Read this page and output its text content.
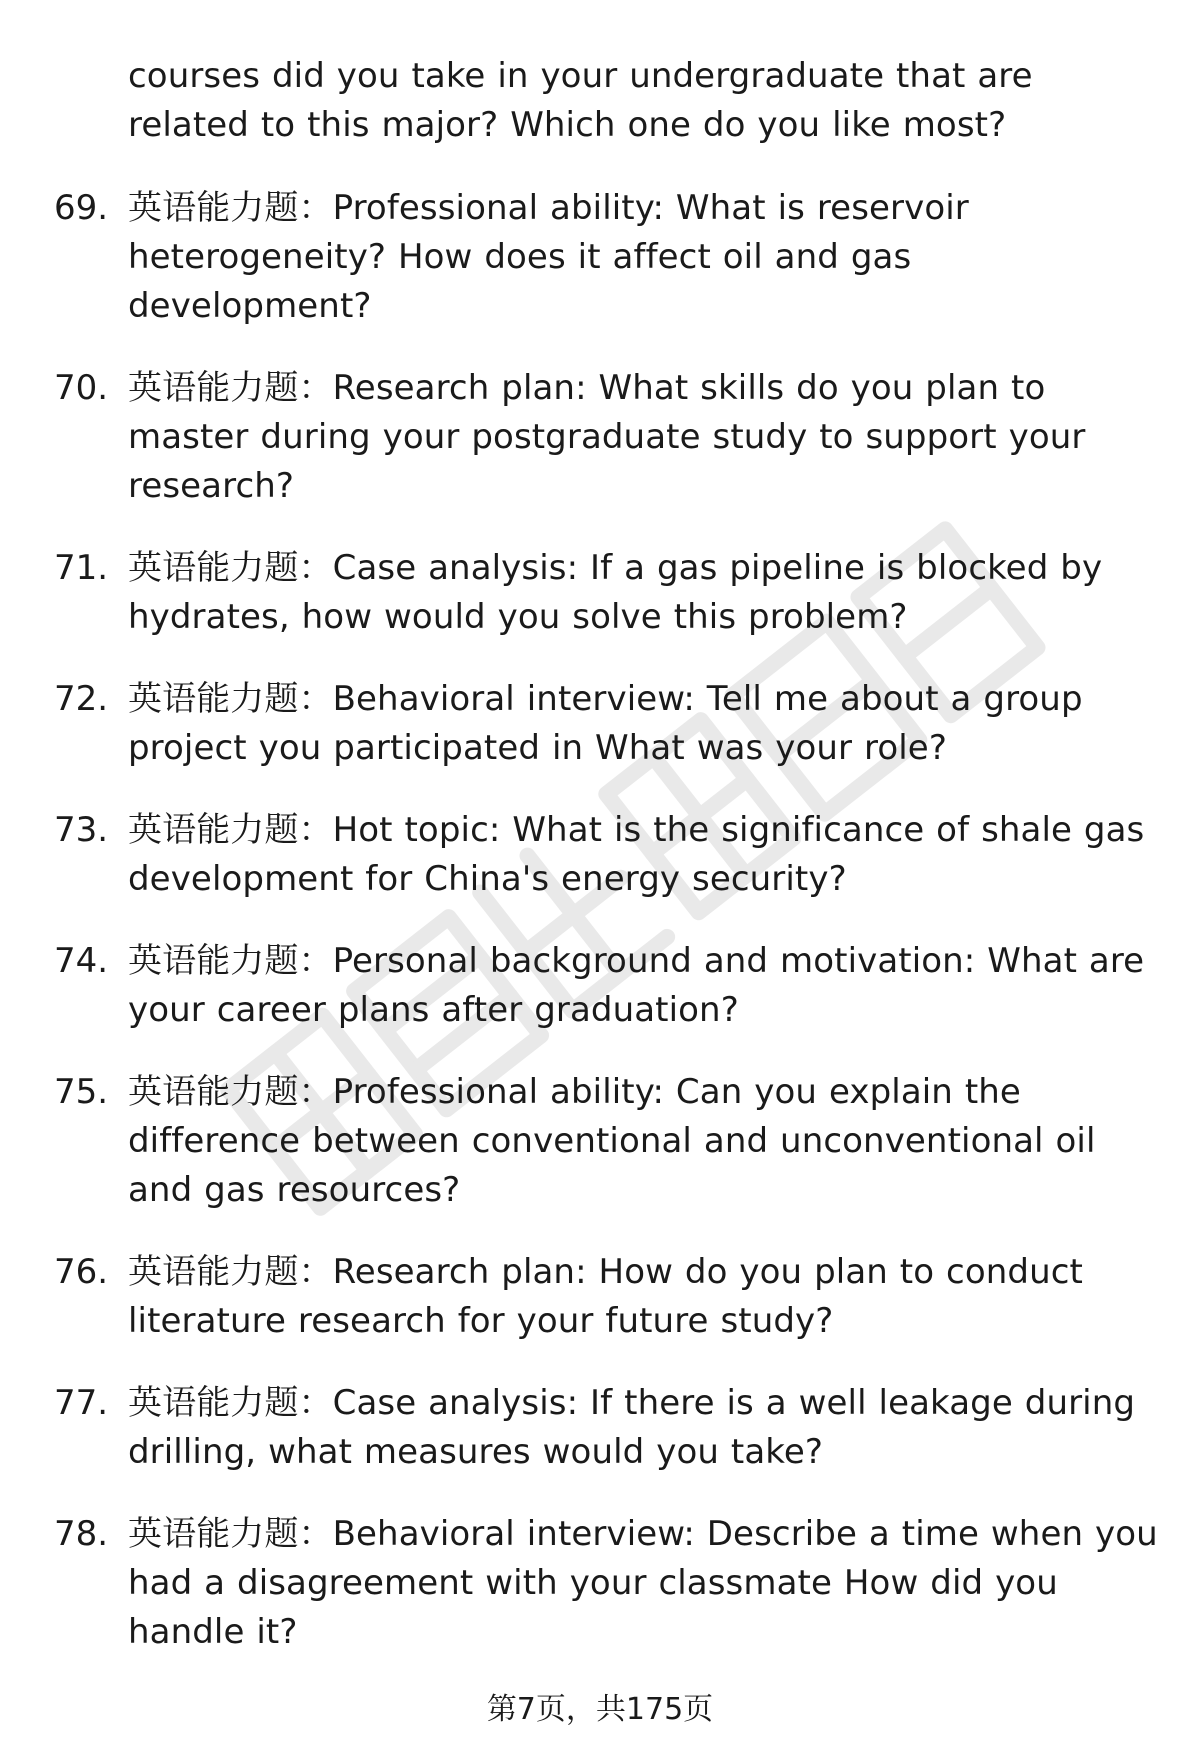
courses did you take in your undergraduate that are related to this major? Which one do you like most?
69. 英语能力题：Professional ability: What is reservoir heterogeneity? How does it affect oil and gas development?
70. 英语能力题：Research plan: What skills do you plan to master during your postgraduate study to support your research?
71. 英语能力题：Case analysis: If a gas pipeline is blocked by hydrates, how would you solve this problem?
72. 英语能力题：Behavioral interview: Tell me about a group project you participated in What was your role?
73. 英语能力题：Hot topic: What is the significance of shale gas development for China's energy security?
74. 英语能力题：Personal background and motivation: What are your career plans after graduation?
75. 英语能力题：Professional ability: Can you explain the difference between conventional and unconventional oil and gas resources?
76. 英语能力题：Research plan: How do you plan to conduct literature research for your future study?
77. 英语能力题：Case analysis: If there is a well leakage during drilling, what measures would you take?
78. 英语能力题：Behavioral interview: Describe a time when you had a disagreement with your classmate How did you handle it?
第7页，共175页
